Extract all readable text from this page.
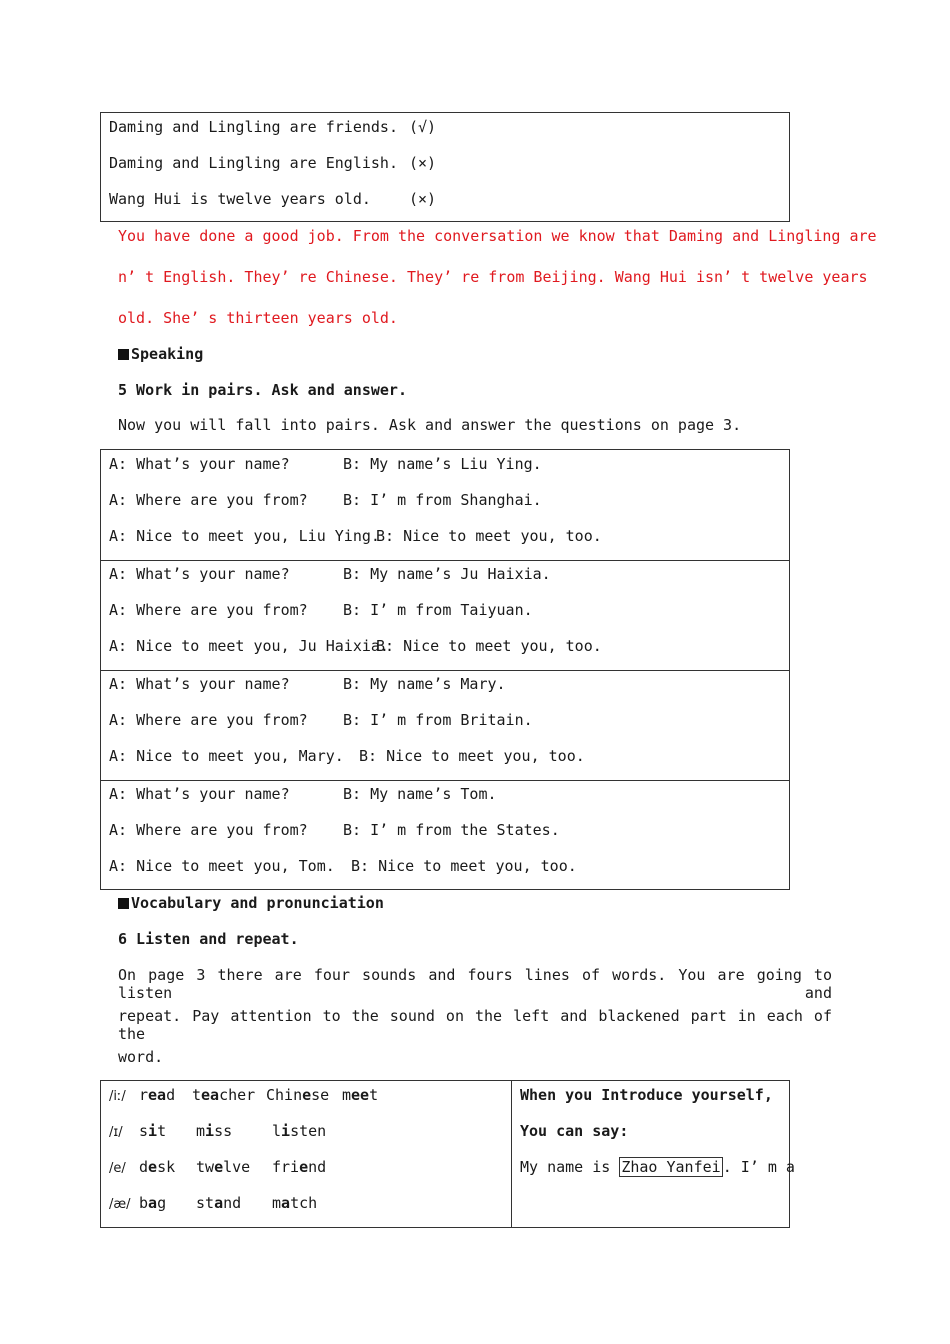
Daming and Lingling are friends. (√)
Daming and Lingling are English. (×)
Wang Hui is twelve years old.	(×)
You have done a good job. From the conversation we know that Daming and Lingling are
n’ t English. They’ re Chinese. They’ re from Beijing. Wang Hui isn’ t twelve years
old. She’ s thirteen years old.
Speaking
5 Work in pairs. Ask and answer.
Now you will fall into pairs. Ask and answer the questions on page 3.
A: What’s your name?	B: My name’s Liu Ying.
A: Where are you from? B: I’ m from Shanghai.
A: Nice to meet you, Liu Ying.
B: Nice to meet you, too.
A: What’s your name?	B: My name’s Ju Haixia.
A: Where are you from? B: I’ m from Taiyuan.
A: Nice to meet you, Ju Haixia.
B: Nice to meet you, too.
A: What’s your name?	B: My name’s Mary.
A: Where are you from? B: I’ m from Britain.
A: Nice to meet you, Mary. B: Nice to meet you, too.
A: What’s your name?	B: My name’s Tom.
A: Where are you from? B: I’ m from the States.
A: Nice to meet you, Tom. B: Nice to meet you, too.
Vocabulary and pronunciation
6 Listen and repeat.
On page 3 there are four sounds and fours lines of words. You are going to listen and
repeat. Pay attention to the sound on the left and blackened part in each of the
word.
/iː/ read teacher Chinese meet
/ɪ/ sit miss	listen
/e/ desk twelve friend
/æ/ bag stand match
When you Introduce yourself,
You can say:
My name is Zhao Yanfei . I’ m a
